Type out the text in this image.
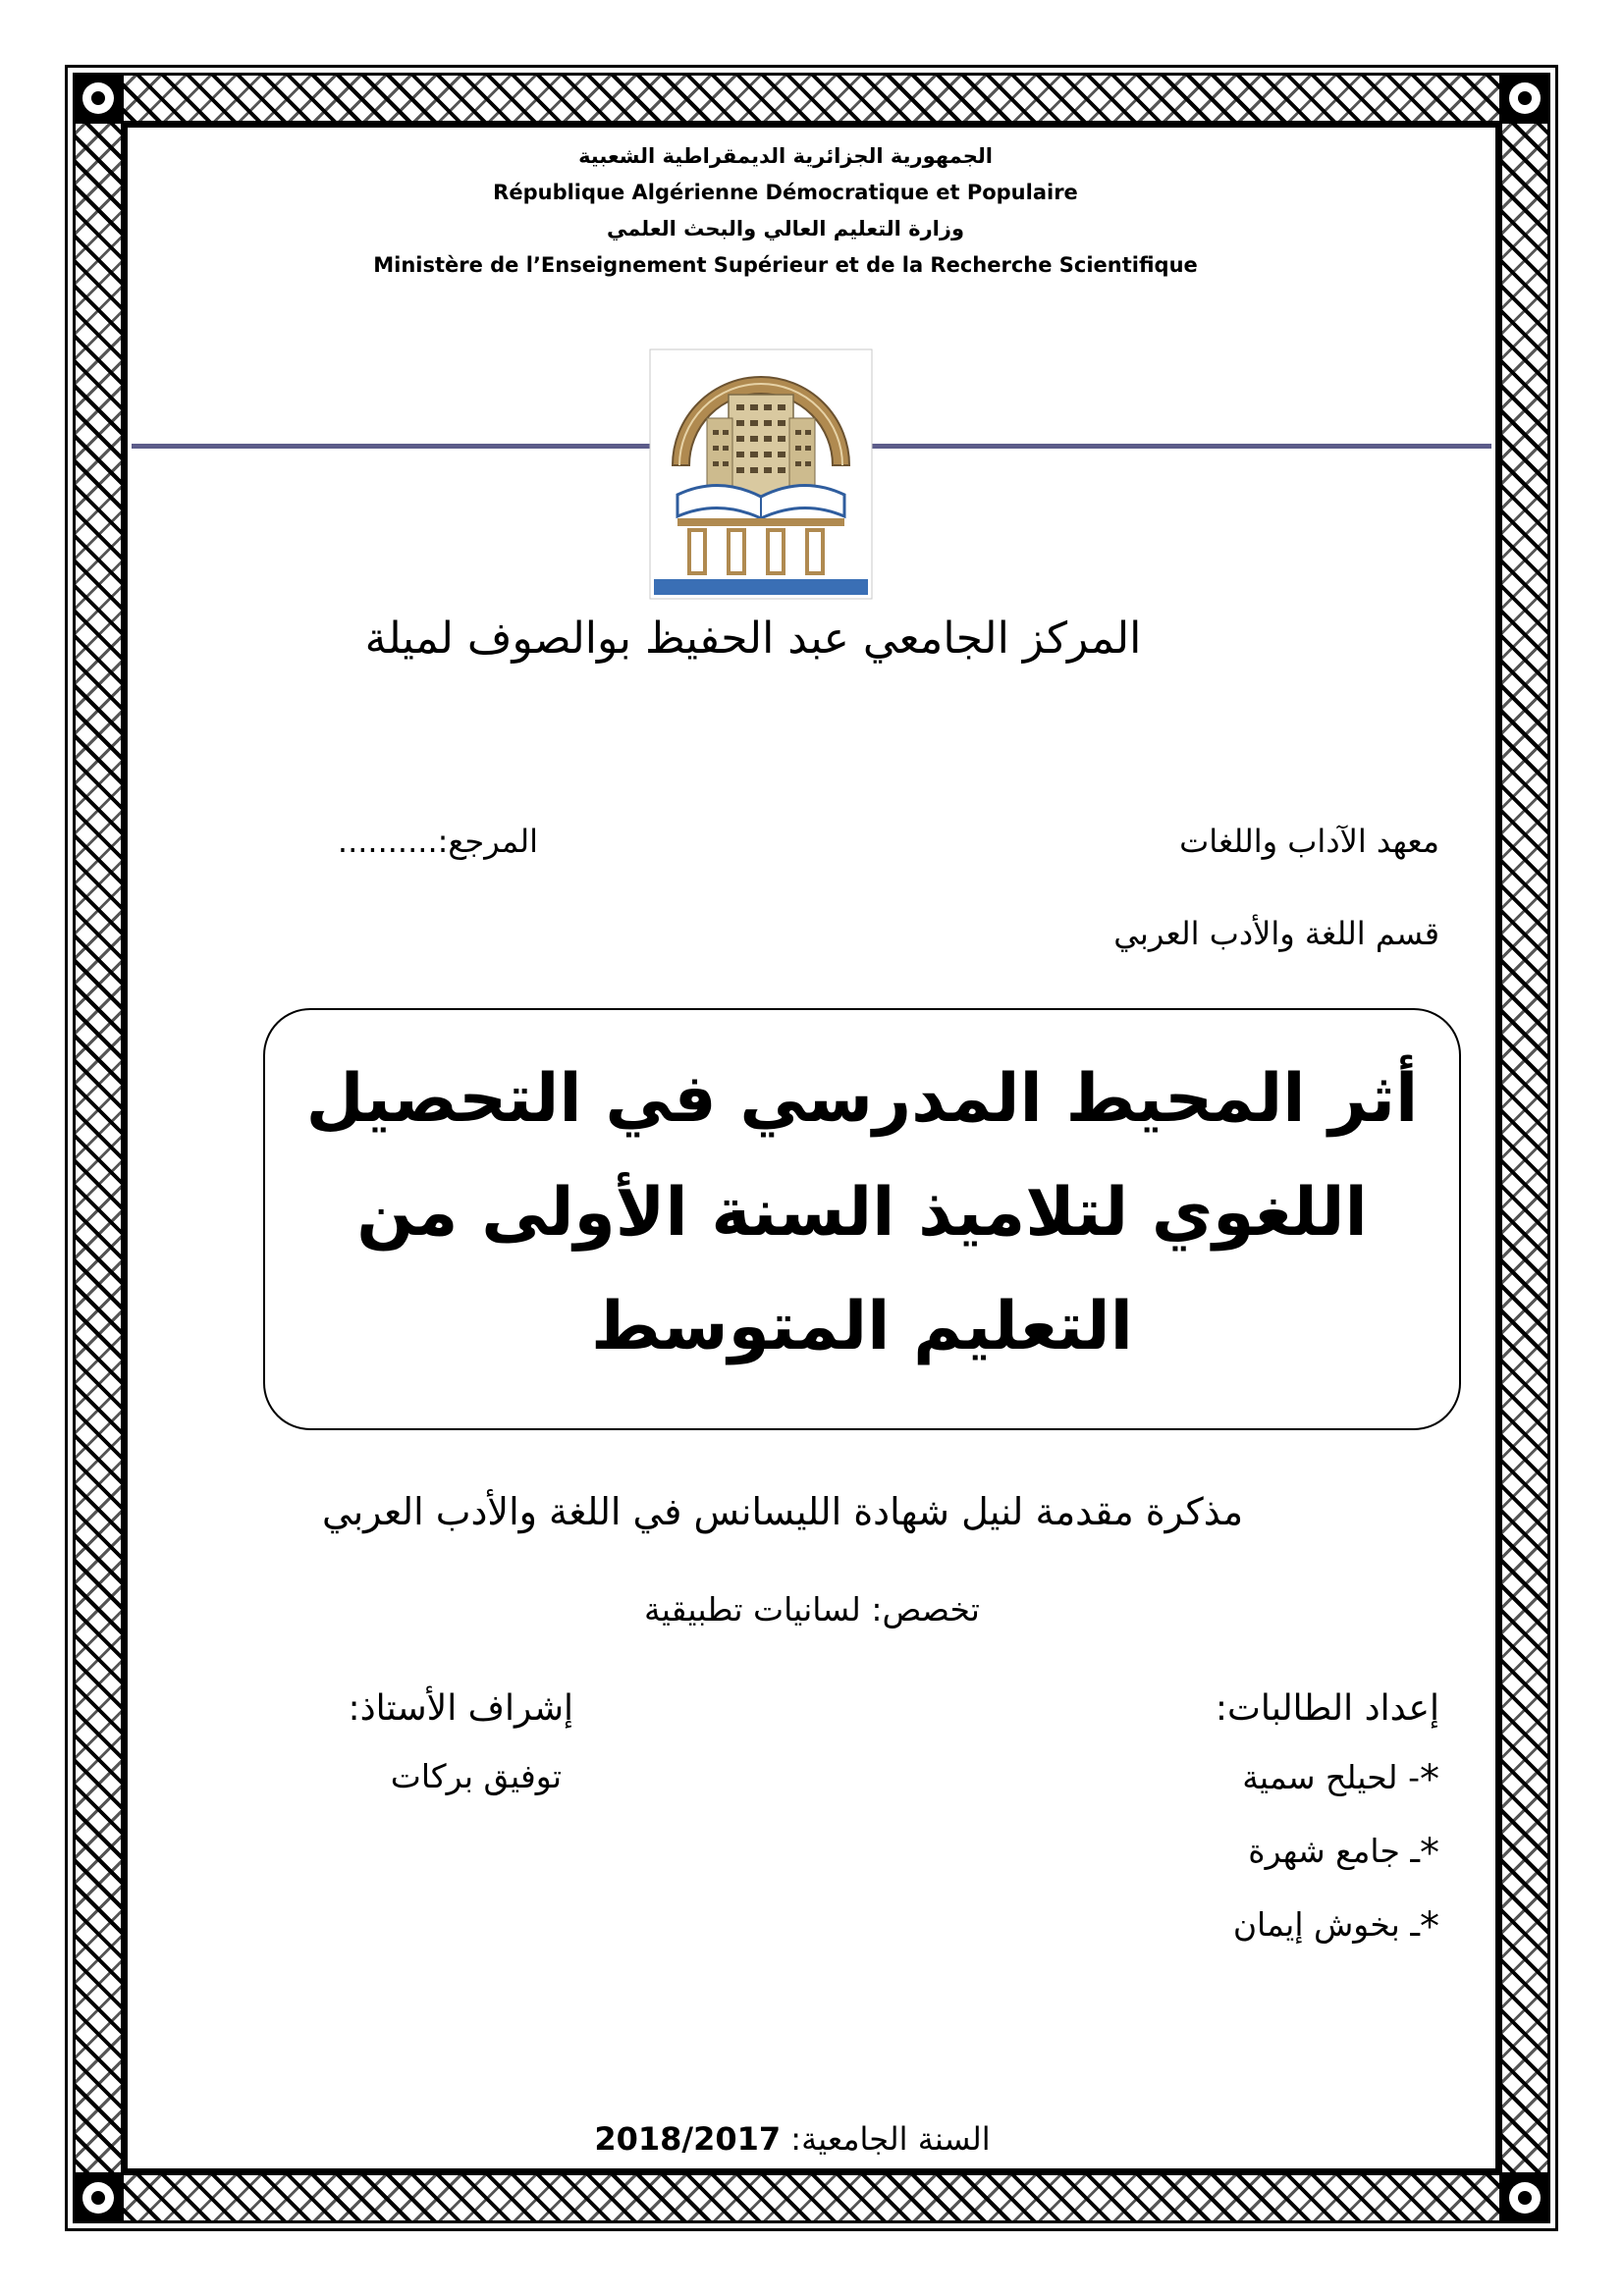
الجمهورية الجزائرية الديمقراطية الشعبية
République Algérienne Démocratique et Populaire
وزارة التعليم العالي والبحث العلمي
Ministère de l’Enseignement Supérieur et de la Recherche Scientifique
المركز الجامعي عبد الحفيظ بوالصوف لميلة
معهد الآداب واللغات
المرجع:..........
قسم اللغة والأدب العربي
أثر المحيط المدرسي في التحصيل اللغوي لتلاميذ السنة الأولى من التعليم المتوسط
مذكرة مقدمة لنيل شهادة الليسانس في اللغة والأدب العربي
تخصص: لسانيات تطبيقية
إعداد الطالبات:
إشراف الأستاذ:
توفيق بركات	*- لحيلح سمية
*ـ جامع شهرة
*ـ بخوش إيمان
السنة الجامعية: 2018/2017
